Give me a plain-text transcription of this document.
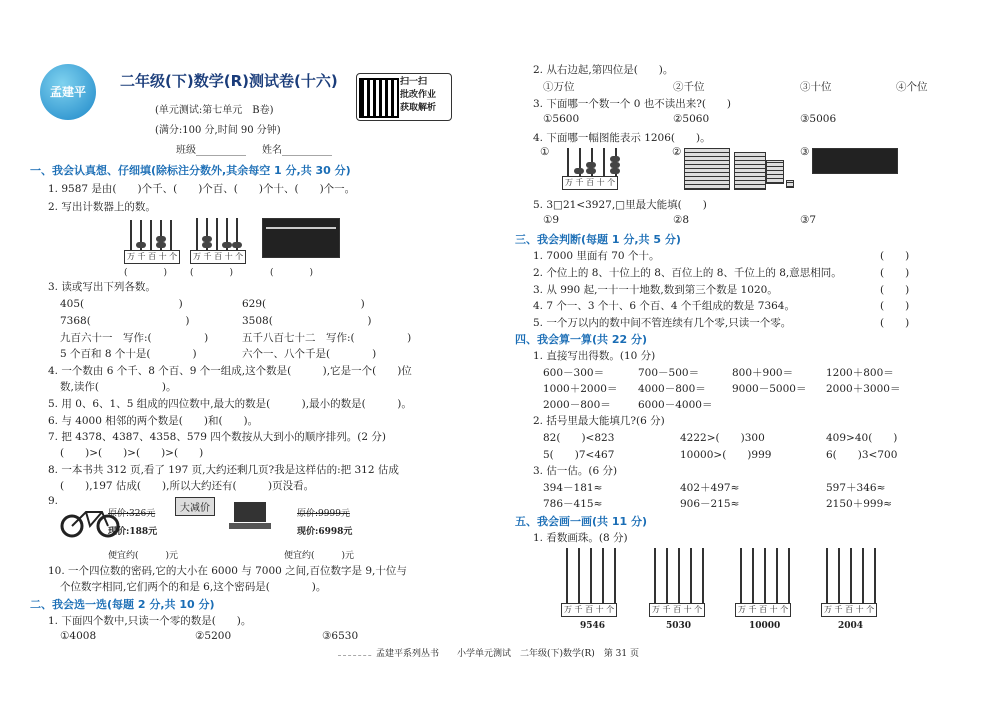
孟建平
二年级(下)数学(R)测试卷(十六)
(单元测试:第七单元　B卷)
(满分:100 分,时间 90 分钟)
班级__________ 姓名__________
扫一扫
批改作业
获取解析
一、我会认真想、仔细填(除标注分数外,其余每空 1 分,共 30 分)
1. 9587 是由(　　)个千、(　　)个百、(　　)个十、(　　)个一。
2. 写出计数器上的数。
万 千 百 十 个
(　　　　)
万 千 百 十 个
(　　　　)	(　　　　)
3. 读或写出下列各数。
405(　　　　　　　　　)	629(　　　　　　　　　)
7368(　　　　　　　　　)	3508(　　　　　　　　　)
九百六十一　写作:(　　　　　)	五千八百七十二　写作:(　　　　　)
5 个百和 8 个十是(　　　　)	六个一、八个千是(　　　　)
4. 一个数由 6 个千、8 个百、9 个一组成,这个数是(　　　),它是一个(　　)位
数,读作(　　　　　　)。
5. 用 0、6、1、5 组成的四位数中,最大的数是(　　　),最小的数是(　　　)。
6. 与 4000 相邻的两个数是(　　)和(　　)。
7. 把 4378、4387、4358、579 四个数按从大到小的顺序排列。(2 分)
(　　)>(　　)>(　　)>(　　)
8. 一本书共 312 页,看了 197 页,大约还剩几页?我是这样估的:把 312 估成
(　　),197 估成(　　),所以大约还有(　　　)页没看。
9.
原价:326元
现价:188元
大减价	原价:9999元
现价:6998元
便宜约(　　　)元	便宜约(　　　)元
10. 一个四位数的密码,它的大小在 6000 与 7000 之间,百位数字是 9,十位与
个位数字相同,它们两个的和是 6,这个密码是(　　　　)。
二、我会选一选(每题 2 分,共 10 分)
1. 下面四个数中,只读一个零的数是(　　)。
①4008	②5200	③6530
2. 从右边起,第四位是(　　)。
①万位	②千位	③十位	④个位
3. 下面哪一个数一个 0 也不读出来?(　　)
①5600	②5060	③5006
4. 下面哪一幅图能表示 1206(　　)。
①
万 千 百 十 个
②	③
5. 3□21<3927,□里最大能填(　　)
①9	②8	③7
三、我会判断(每题 1 分,共 5 分)
1. 7000 里面有 70 个十。	(　　)
2. 个位上的 8、十位上的 8、百位上的 8、千位上的 8,意思相同。	(　　)
3. 从 990 起,一十一十地数,数到第三个数是 1020。	(　　)
4. 7 个一、3 个十、6 个百、4 个千组成的数是 7364。	(　　)
5. 一个万以内的数中间不管连续有几个零,只读一个零。	(　　)
四、我会算一算(共 22 分)
1. 直接写出得数。(10 分)
600－300＝	700－500＝	800＋900＝	1200＋800＝
1000＋2000＝ 4000－800＝ 9000－5000＝ 2000＋3000＝
2000－800＝	6000－4000＝
2. 括号里最大能填几?(6 分)
82(　　)<823	4222>(　　)300	409>40(　　)
5(　　)7<467	10000>(　　)999	6(　　)3<700
3. 估一估。(6 分)
394－181≈	402＋497≈	597＋346≈
786－415≈	906－215≈	2150＋999≈
五、我会画一画(共 11 分)
1. 看数画珠。(8 分)
万 千 百 十 个
9546
万 千 百 十 个
5030
万 千 百 十 个
10000
万 千 百 十 个
2004
孟建平系列丛书　　小学单元测试　二年级(下)数学(R)　第 31 页
